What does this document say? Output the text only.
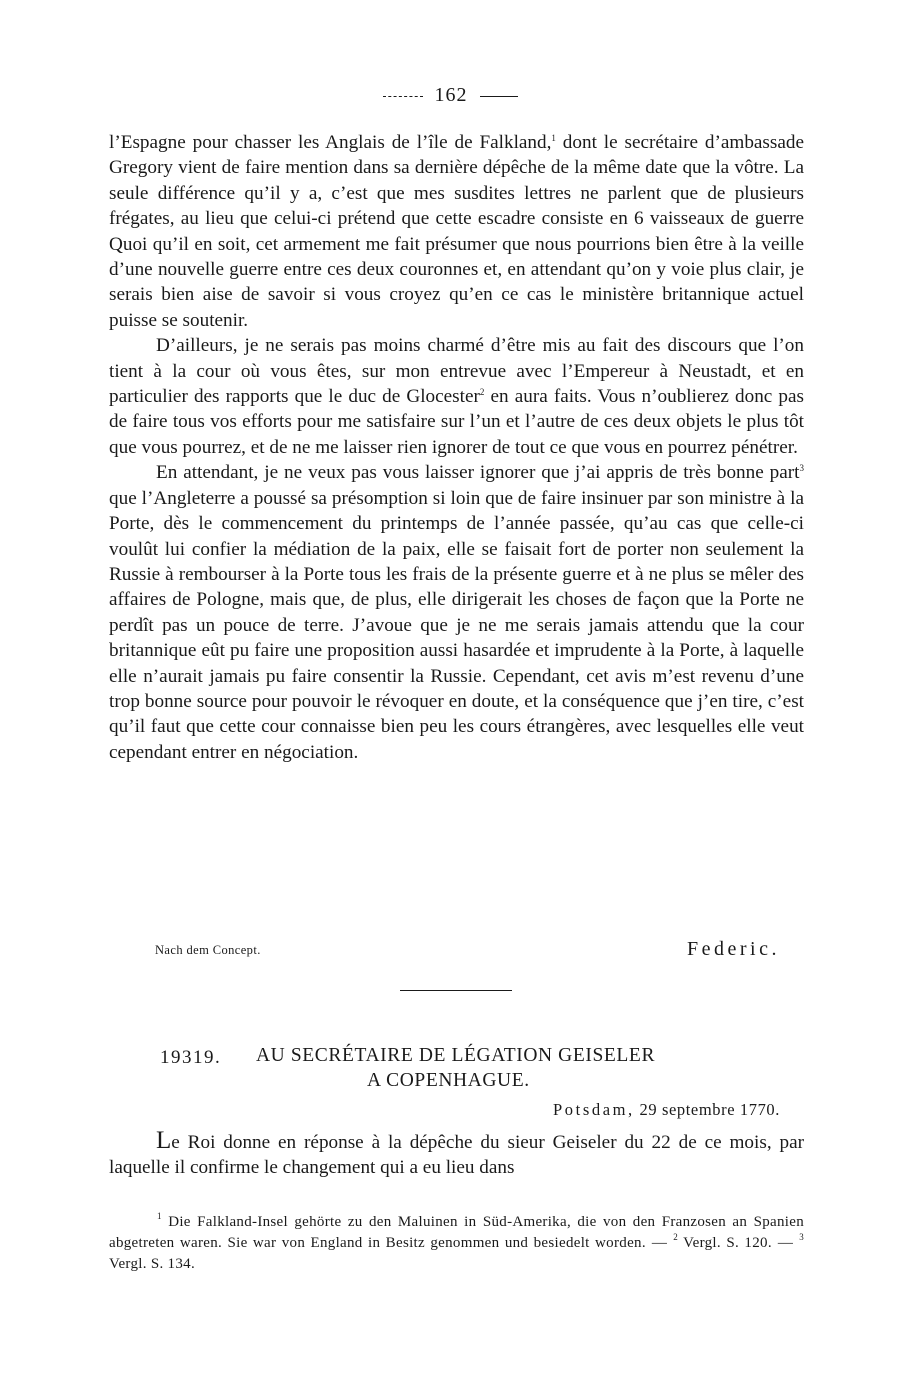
162

l’Espagne pour chasser les Anglais de l’île de Falkland,$^1$ dont le secrétaire d’ambassade Gregory vient de faire mention dans sa dernière dépêche de la même date que la vôtre. La seule différence qu’il y a, c’est que mes susdites lettres ne parlent que de plusieurs frégates, au lieu que celui-ci prétend que cette escadre consiste en 6 vaisseaux de guerre Quoi qu’il en soit, cet armement me fait présumer que nous pourrions bien être à la veille d’une nouvelle guerre entre ces deux couronnes et, en attendant qu’on y voie plus clair, je serais bien aise de savoir si vous croyez qu’en ce cas le ministère britannique actuel puisse se soutenir.

D’ailleurs, je ne serais pas moins charmé d’être mis au fait des discours que l’on tient à la cour où vous êtes, sur mon entrevue avec l’Empereur à Neustadt, et en particulier des rapports que le duc de Glocester$^2$ en aura faits. Vous n’oublierez donc pas de faire tous vos efforts pour me satisfaire sur l’un et l’autre de ces deux objets le plus tôt que vous pourrez, et de ne me laisser rien ignorer de tout ce que vous en pourrez pénétrer.

En attendant, je ne veux pas vous laisser ignorer que j’ai appris de très bonne part$^3$ que l’Angleterre a poussé sa présomption si loin que de faire insinuer par son ministre à la Porte, dès le commencement du printemps de l’année passée, qu’au cas que celle-ci voulût lui confier la médiation de la paix, elle se faisait fort de porter non seulement la Russie à rembourser à la Porte tous les frais de la présente guerre et à ne plus se mêler des affaires de Pologne, mais que, de plus, elle dirigerait les choses de façon que la Porte ne perdît pas un pouce de terre. J’avoue que je ne me serais jamais attendu que la cour britannique eût pu faire une proposition aussi hasardée et imprudente à la Porte, à laquelle elle n’aurait jamais pu faire consentir la Russie. Cependant, cet avis m’est revenu d’une trop bonne source pour pouvoir le révoquer en doute, et la conséquence que j’en tire, c’est qu’il faut que cette cour connaisse bien peu les cours étrangères, avec lesquelles elle veut cependant entrer en négociation.

Nach dem Concept.	Federic.
19319. AU SECRÉTAIRE DE LÉGATION GEISELER
A COPENHAGUE.
Potsdam, 29 septembre 1770.

Le Roi donne en réponse à la dépêche du sieur Geiseler du 22 de ce mois, par laquelle il confirme le changement qui a eu lieu dans

$^1$ Die Falkland-Insel gehörte zu den Maluinen in Süd-Amerika, die von den Franzosen an Spanien abgetreten waren. Sie war von England in Besitz genommen und besiedelt worden. — $^2$ Vergl. S. 120. — $^3$ Vergl. S. 134.
